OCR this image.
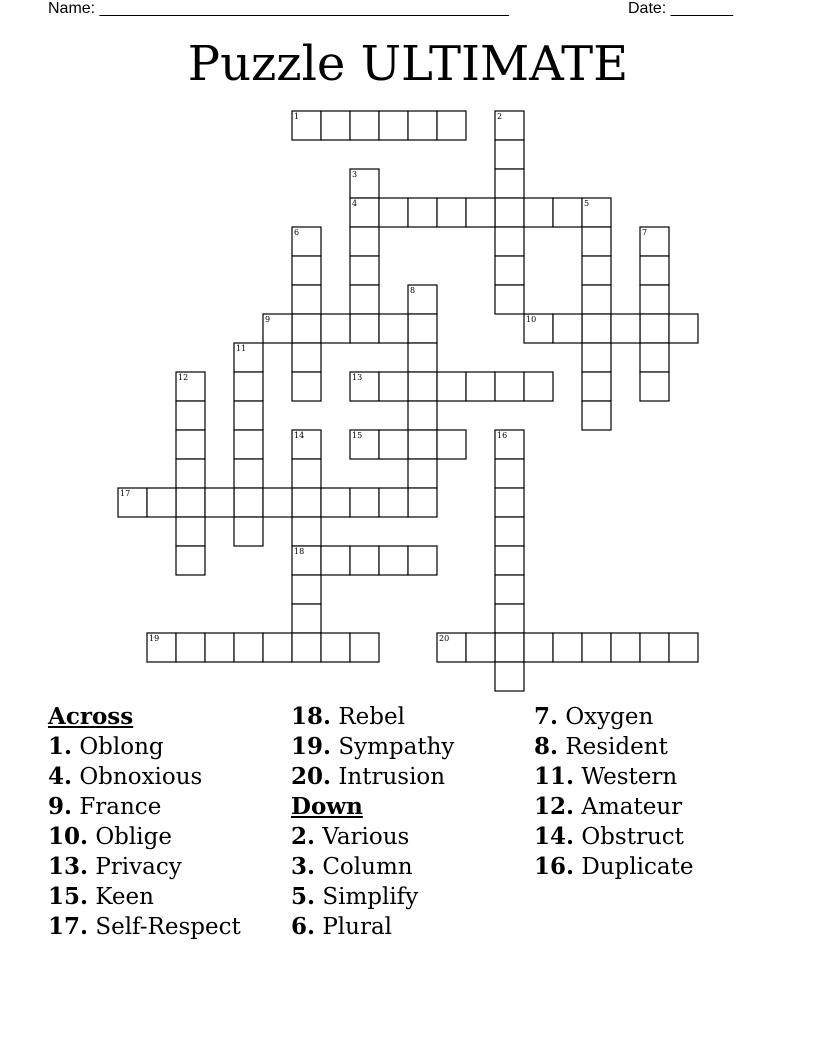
Name: ______________________________________________	Date: _______
Puzzle ULTIMATE
1	2
3
4	5
6	7
8
9	10
11
12	13
14	15	16
17
18
19	20
Across
1. Oblong
4. Obnoxious
9. France
10. Oblige
13. Privacy
15. Keen
17. Self-Respect
18. Rebel
19. Sympathy
20. Intrusion
Down
2. Various
3. Column
5. Simplify
6. Plural
7. Oxygen
8. Resident
11. Western
12. Amateur
14. Obstruct
16. Duplicate
